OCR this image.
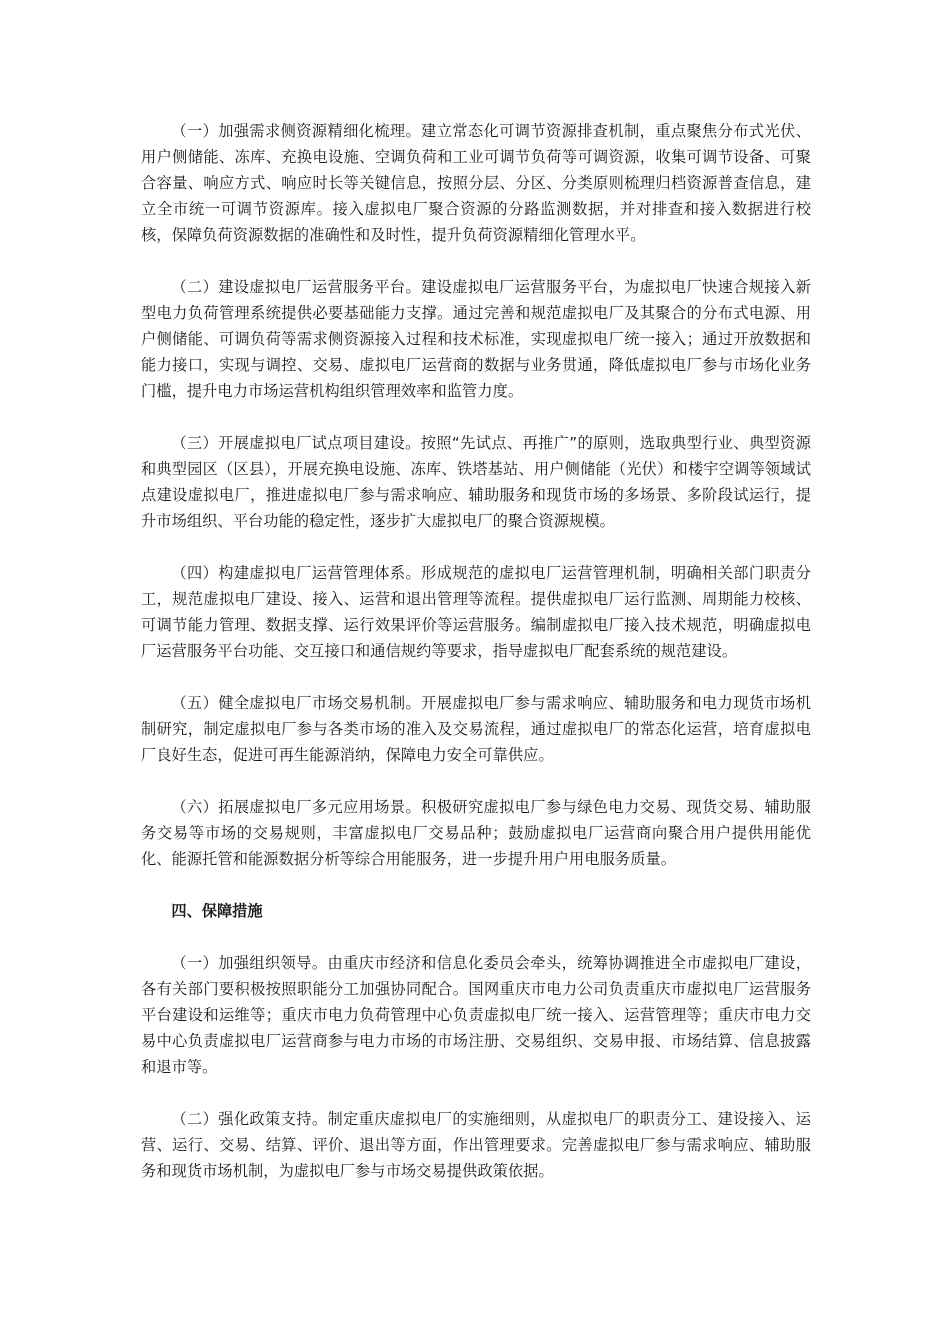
（一）加强需求侧资源精细化梳理。建立常态化可调节资源排查机制，重点聚焦分布式光伏、用户侧储能、冻库、充换电设施、空调负荷和工业可调节负荷等可调资源，收集可调节设备、可聚合容量、响应方式、响应时长等关键信息，按照分层、分区、分类原则梳理归档资源普查信息，建立全市统一可调节资源库。接入虚拟电厂聚合资源的分路监测数据，并对排查和接入数据进行校核，保障负荷资源数据的准确性和及时性，提升负荷资源精细化管理水平。

（二）建设虚拟电厂运营服务平台。建设虚拟电厂运营服务平台，为虚拟电厂快速合规接入新型电力负荷管理系统提供必要基础能力支撑。通过完善和规范虚拟电厂及其聚合的分布式电源、用户侧储能、可调负荷等需求侧资源接入过程和技术标准，实现虚拟电厂统一接入；通过开放数据和能力接口，实现与调控、交易、虚拟电厂运营商的数据与业务贯通，降低虚拟电厂参与市场化业务门槛，提升电力市场运营机构组织管理效率和监管力度。

（三）开展虚拟电厂试点项目建设。按照“先试点、再推广”的原则，选取典型行业、典型资源和典型园区（区县），开展充换电设施、冻库、铁塔基站、用户侧储能（光伏）和楼宇空调等领域试点建设虚拟电厂，推进虚拟电厂参与需求响应、辅助服务和现货市场的多场景、多阶段试运行，提升市场组织、平台功能的稳定性，逐步扩大虚拟电厂的聚合资源规模。

（四）构建虚拟电厂运营管理体系。形成规范的虚拟电厂运营管理机制，明确相关部门职责分工，规范虚拟电厂建设、接入、运营和退出管理等流程。提供虚拟电厂运行监测、周期能力校核、可调节能力管理、数据支撑、运行效果评价等运营服务。编制虚拟电厂接入技术规范，明确虚拟电厂运营服务平台功能、交互接口和通信规约等要求，指导虚拟电厂配套系统的规范建设。

（五）健全虚拟电厂市场交易机制。开展虚拟电厂参与需求响应、辅助服务和电力现货市场机制研究，制定虚拟电厂参与各类市场的准入及交易流程，通过虚拟电厂的常态化运营，培育虚拟电厂良好生态，促进可再生能源消纳，保障电力安全可靠供应。

（六）拓展虚拟电厂多元应用场景。积极研究虚拟电厂参与绿色电力交易、现货交易、辅助服务交易等市场的交易规则，丰富虚拟电厂交易品种；鼓励虚拟电厂运营商向聚合用户提供用能优化、能源托管和能源数据分析等综合用能服务，进一步提升用户用电服务质量。

四、保障措施

（一）加强组织领导。由重庆市经济和信息化委员会牵头，统筹协调推进全市虚拟电厂建设，各有关部门要积极按照职能分工加强协同配合。国网重庆市电力公司负责重庆市虚拟电厂运营服务平台建设和运维等；重庆市电力负荷管理中心负责虚拟电厂统一接入、运营管理等；重庆市电力交易中心负责虚拟电厂运营商参与电力市场的市场注册、交易组织、交易申报、市场结算、信息披露和退市等。

（二）强化政策支持。制定重庆虚拟电厂的实施细则，从虚拟电厂的职责分工、建设接入、运营、运行、交易、结算、评价、退出等方面，作出管理要求。完善虚拟电厂参与需求响应、辅助服务和现货市场机制，为虚拟电厂参与市场交易提供政策依据。
